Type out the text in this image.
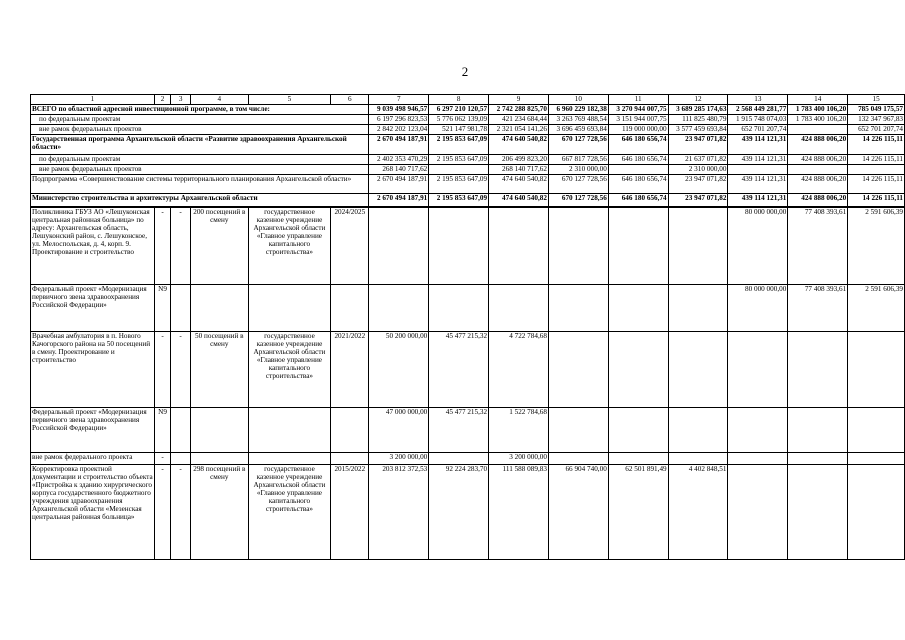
2
1	2	3	4	5	6	7	8	9	10	11	12	13	14	15
ВСЕГО по областной адресной инвестиционной программе, в том числе:						9 039 498 946,57	6 297 210 120,57	2 742 288 825,70	6 960 229 182,38	3 270 944 007,75	3 689 285 174,63	2 568 449 281,77	1 783 400 106,20	785 049 175,57
по федеральным проектам						6 197 296 823,53	5 776 062 139,09	421 234 684,44	3 263 769 488,54	3 151 944 007,75	111 825 480,79	1 915 748 074,03	1 783 400 106,20	132 347 967,83
вне рамок федеральных проектов						2 842 202 123,04	521 147 981,78	2 321 054 141,26	3 696 459 693,84	119 000 000,00	3 577 459 693,84	652 701 207,74		652 701 207,74
Государственная программа Архангельской области «Развитие здравоохранения Архангельской области»						2 670 494 187,91	2 195 853 647,09	474 640 540,82	670 127 728,56	646 180 656,74	23 947 071,82	439 114 121,31	424 888 006,20	14 226 115,11
по федеральным проектам						2 402 353 470,29	2 195 853 647,09	206 499 823,20	667 817 728,56	646 180 656,74	21 637 071,82	439 114 121,31	424 888 006,20	14 226 115,11
вне рамок федеральных проектов						268 140 717,62		268 140 717,62	2 310 000,00		2 310 000,00			
Подпрограмма «Совершенствование системы территориального планирования Архангельской области»						2 670 494 187,91	2 195 853 647,09	474 640 540,82	670 127 728,56	646 180 656,74	23 947 071,82	439 114 121,31	424 888 006,20	14 226 115,11
Министерство строительства и архитектуры Архангельской области						2 670 494 187,91	2 195 853 647,09	474 640 540,82	670 127 728,56	646 180 656,74	23 947 071,82	439 114 121,31	424 888 006,20	14 226 115,11
Поликлиника ГБУЗ АО «Лешуконская центральная районная больница» по адресу: Архангельская область, Лешуконский район, с. Лешуконское, ул. Мелоспольская, д. 4, корп. 9. Проектирование и строительство	-	-	200 посещений в смену	государственное казенное учреждение Архангельской области «Главное управление капитального строительства»	2024/2025							80 000 000,00	77 408 393,61	2 591 606,39
Федеральный проект «Модернизация первичного звена здравоохранения Российской Федерации»	N9											80 000 000,00	77 408 393,61	2 591 606,39
Врачебная амбулатория в п. Нового Качогорского района на 50 посещений в смену. Проектирование и строительство	-	-	50 посещений в смену	государственное казенное учреждение Архангельской области «Главное управление капитального строительства»	2021/2022	50 200 000,00	45 477 215,32	4 722 784,68						
Федеральный проект «Модернизация первичного звена здравоохранения Российской Федерации»	N9					47 000 000,00	45 477 215,32	1 522 784,68						
вне рамок федерального проекта	-					3 200 000,00		3 200 000,00						
Корректировка проектной документации и строительство объекта «Пристройка к зданию хирургического корпуса государственного бюджетного учреждения здравоохранения Архангельской области «Мезенская центральная районная больница»	-	-	298 посещений в смену	государственное казенное учреждение Архангельской области «Главное управление капитального строительства»	2015/2022	203 812 372,53	92 224 283,70	111 588 089,83	66 904 740,00	62 501 891,49	4 402 848,51			
